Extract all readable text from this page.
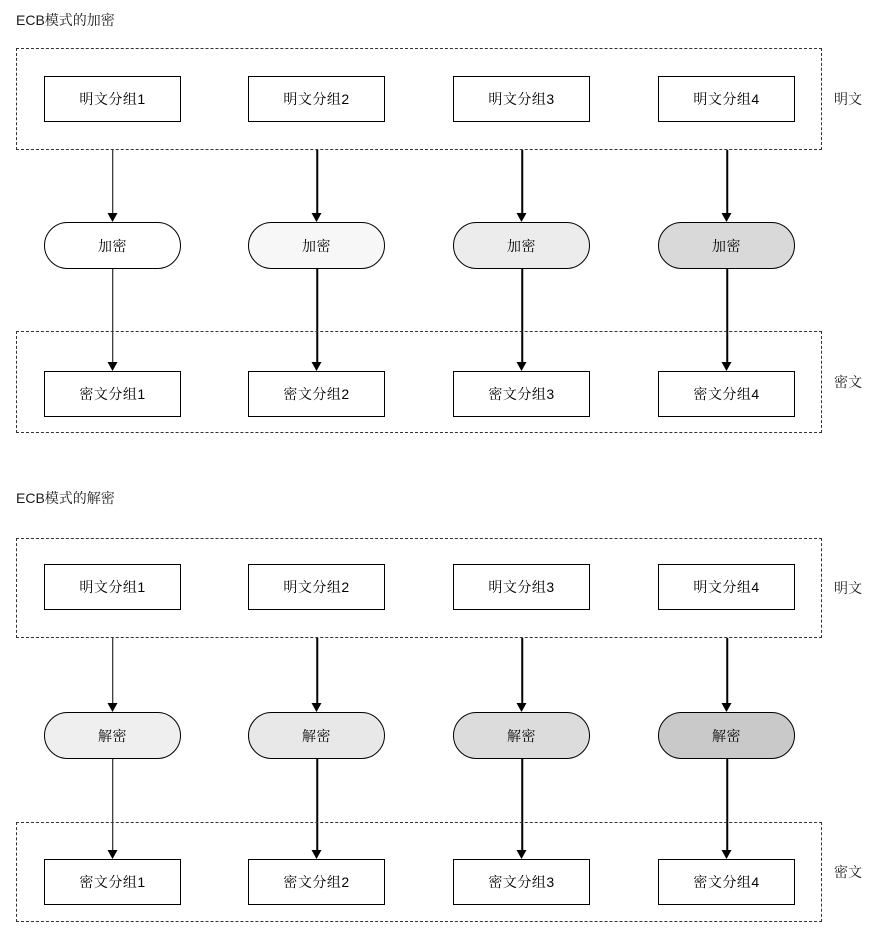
ECB模式的加密
明文
明文分组1	明文分组2	明文分组3	明文分组4
加密	加密	加密	加密
密文
密文分组1	密文分组2	密文分组3	密文分组4
ECB模式的解密
明文
明文分组1	明文分组2	明文分组3	明文分组4
解密	解密	解密	解密
密文
密文分组1	密文分组2	密文分组3	密文分组4
